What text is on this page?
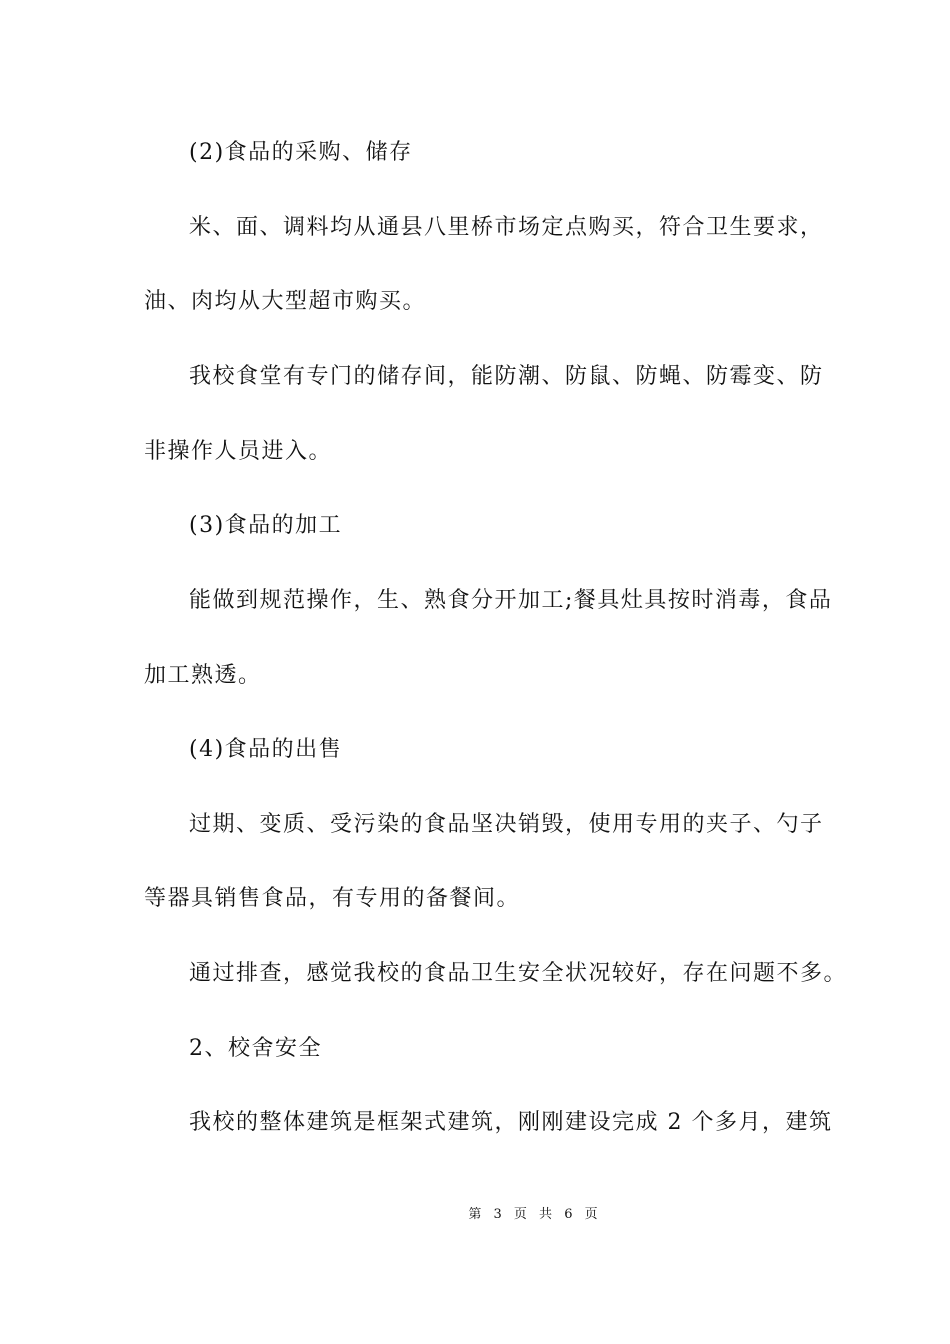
(2)食品的采购、储存
米、面、调料均从通县八里桥市场定点购买，符合卫生要求，
油、肉均从大型超市购买。
我校食堂有专门的储存间，能防潮、防鼠、防蝇、防霉变、防
非操作人员进入。
(3)食品的加工
能做到规范操作，生、熟食分开加工;餐具灶具按时消毒，食品
加工熟透。
(4)食品的出售
过期、变质、受污染的食品坚决销毁，使用专用的夹子、勺子
等器具销售食品，有专用的备餐间。
通过排查，感觉我校的食品卫生安全状况较好，存在问题不多。
2、校舍安全
我校的整体建筑是框架式建筑，刚刚建设完成 2 个多月，建筑
第 3 页 共 6 页
